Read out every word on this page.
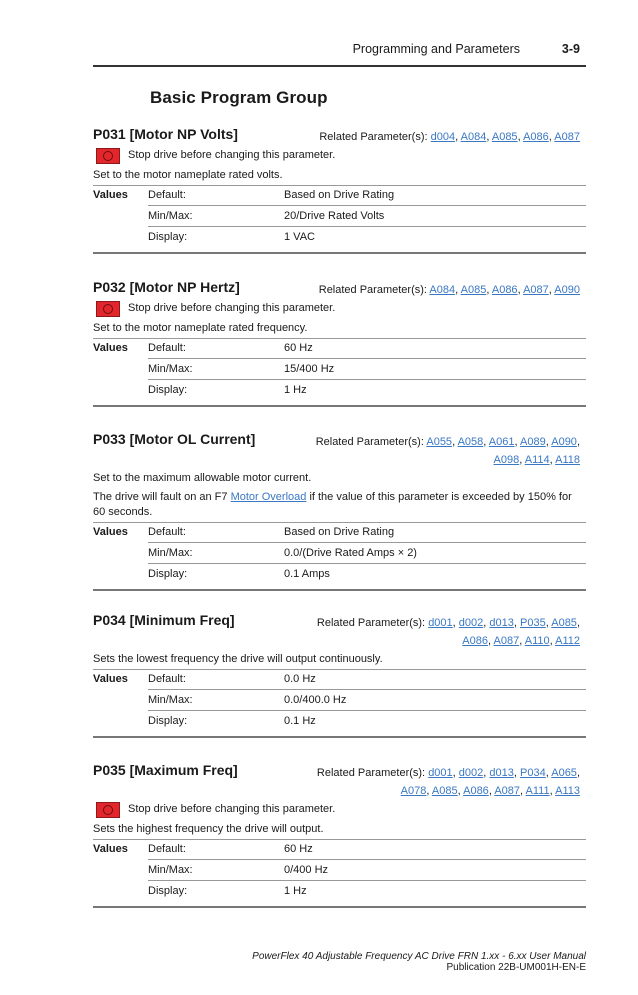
Programming and Parameters	3-9
Basic Program Group
P031 [Motor NP Volts]	Related Parameter(s): d004, A084, A085, A086, A087
Stop drive before changing this parameter.
Set to the motor nameplate rated volts.
Values Default:	Based on Drive Rating
Min/Max:	20/Drive Rated Volts
Display:	1 VAC
P032 [Motor NP Hertz]	Related Parameter(s): A084, A085, A086, A087, A090
Stop drive before changing this parameter.
Set to the motor nameplate rated frequency.
Values Default:	60 Hz
Min/Max:	15/400 Hz
Display:	1 Hz
P033 [Motor OL Current]	Related Parameter(s): A055, A058, A061, A089, A090,
A098, A114, A118
Set to the maximum allowable motor current.
The drive will fault on an F7 Motor Overload if the value of this parameter is exceeded by 150% for 60 seconds.
Values Default:	Based on Drive Rating
Min/Max:	0.0/(Drive Rated Amps × 2)
Display:	0.1 Amps
P034 [Minimum Freq]	Related Parameter(s): d001, d002, d013, P035, A085,
A086, A087, A110, A112
Sets the lowest frequency the drive will output continuously.
Values Default:	0.0 Hz
Min/Max:	0.0/400.0 Hz
Display:	0.1 Hz
P035 [Maximum Freq]	Related Parameter(s): d001, d002, d013, P034, A065,
A078, A085, A086, A087, A111, A113
Stop drive before changing this parameter.
Sets the highest frequency the drive will output.
Values Default:	60 Hz
Min/Max:	0/400 Hz
Display:	1 Hz
PowerFlex 40 Adjustable Frequency AC Drive FRN 1.xx - 6.xx User Manual
Publication 22B-UM001H-EN-E
